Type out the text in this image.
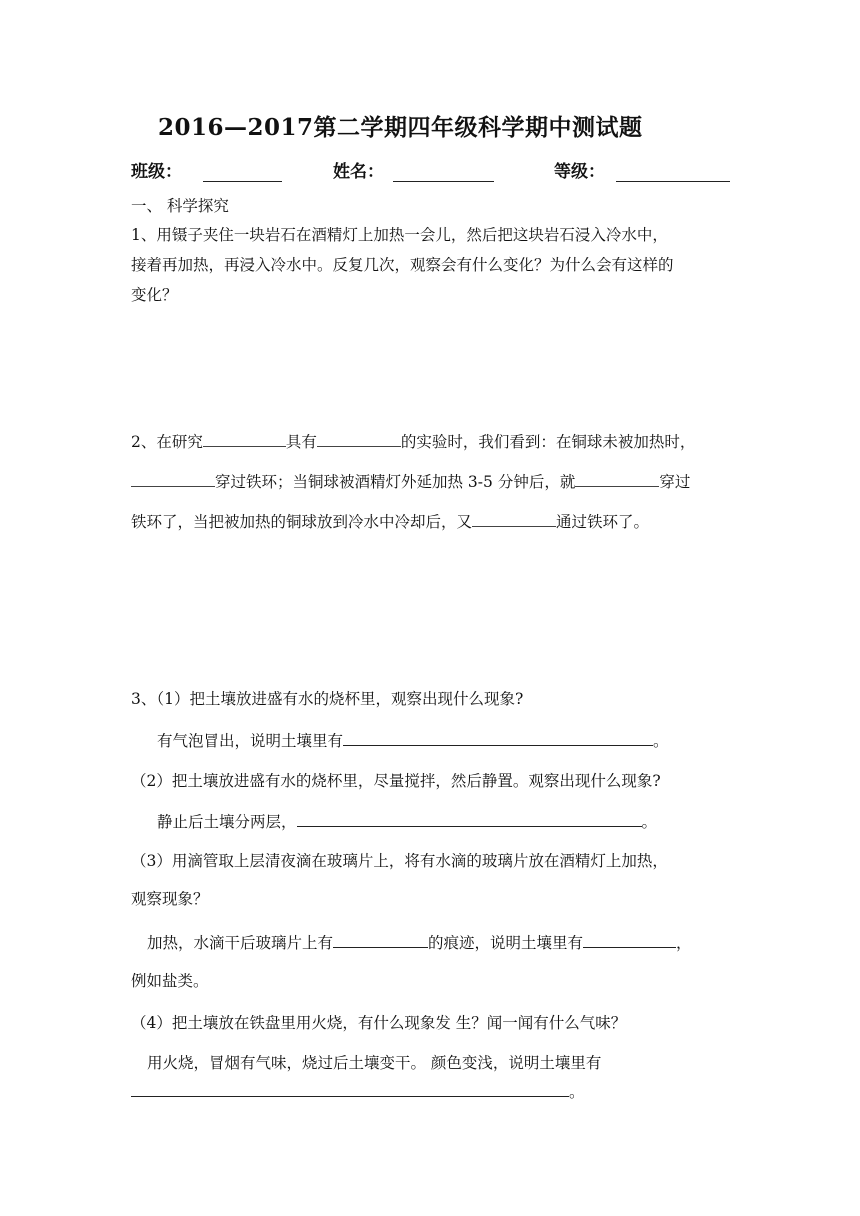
2016—2017第二学期四年级科学期中测试题
班级：	姓名：	等级：
一、 科学探究
1、用镊子夹住一块岩石在酒精灯上加热一会儿，然后把这块岩石浸入冷水中，
接着再加热，再浸入冷水中。反复几次，观察会有什么变化？为什么会有这样的
变化？
2、在研究	具有	的实验时，我们看到：在铜球未被加热时，
穿过铁环；当铜球被酒精灯外延加热 3-5 分钟后，就	穿过
铁环了，当把被加热的铜球放到冷水中冷却后，又	通过铁环了。
3、（1）把土壤放进盛有水的烧杯里，观察出现什么现象?
有气泡冒出，说明土壤里有	。
（2）把土壤放进盛有水的烧杯里，尽量搅拌，然后静置。观察出现什么现象?
静止后土壤分两层，	。
（3）用滴管取上层清夜滴在玻璃片上，将有水滴的玻璃片放在酒精灯上加热，
观察现象？
加热，水滴干后玻璃片上有	的痕迹，说明土壤里有	，
例如盐类。
（4）把土壤放在铁盘里用火烧，有什么现象发 生？闻一闻有什么气味？
用火烧，冒烟有气味，烧过后土壤变干。 颜色变浅，说明土壤里有
。
